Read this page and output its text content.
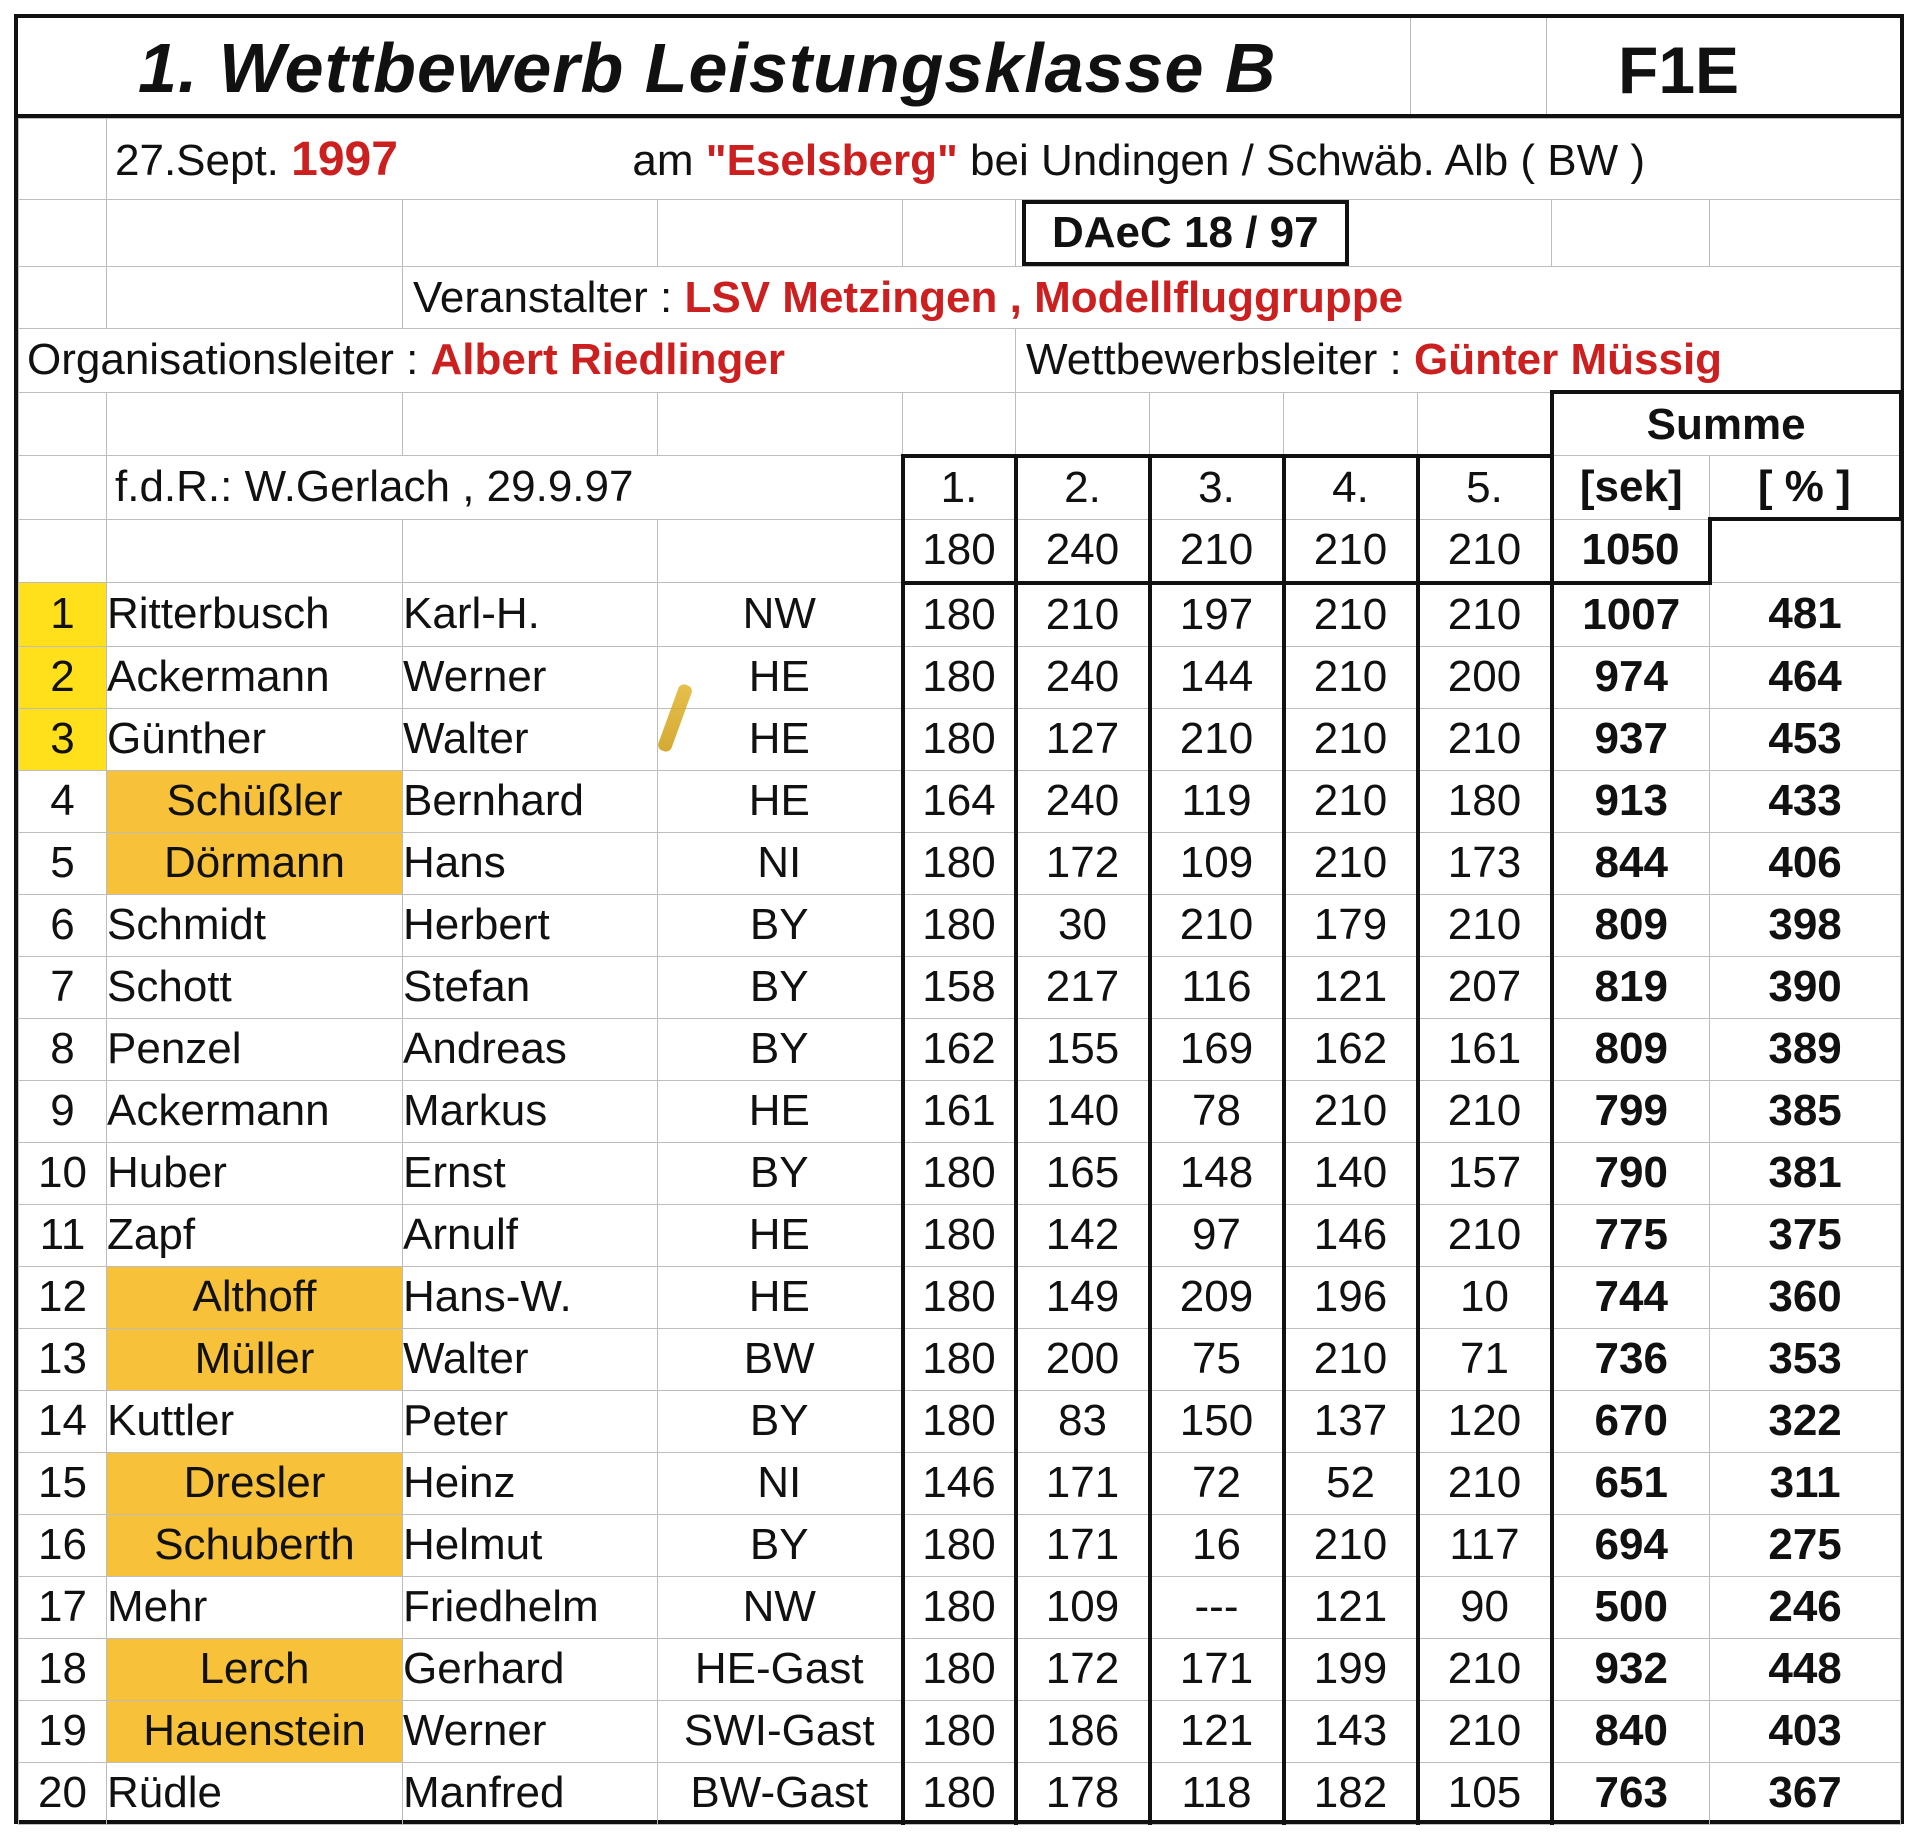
1. Wettbewerb Leistungsklasse B	F1E
	27.Sept. 1997 am "Eselsberg" bei Undingen / Schwäb. Alb ( BW )									
					DAeC 18 / 97					
		Veranstalter : LSV Metzingen , Modellfluggruppe								
Organisationsleiter : Albert Riedlinger					Wettbewerbsleiter : Günter Müssig					
									Summe	
	f.d.R.: W.Gerlach , 29.9.97			1.	2.	3.	4.	5.	[sek]	[ % ]
				180	240	210	210	210	1050	
1	Ritterbusch	Karl-H.	NW	180	210	197	210	210	1007	481
2	Ackermann	Werner	HE	180	240	144	210	200	974	464
3	Günther	Walter	HE	180	127	210	210	210	937	453
4	Schüßler	Bernhard	HE	164	240	119	210	180	913	433
5	Dörmann	Hans	NI	180	172	109	210	173	844	406
6	Schmidt	Herbert	BY	180	30	210	179	210	809	398
7	Schott	Stefan	BY	158	217	116	121	207	819	390
8	Penzel	Andreas	BY	162	155	169	162	161	809	389
9	Ackermann	Markus	HE	161	140	78	210	210	799	385
10	Huber	Ernst	BY	180	165	148	140	157	790	381
11	Zapf	Arnulf	HE	180	142	97	146	210	775	375
12	Althoff	Hans-W.	HE	180	149	209	196	10	744	360
13	Müller	Walter	BW	180	200	75	210	71	736	353
14	Kuttler	Peter	BY	180	83	150	137	120	670	322
15	Dresler	Heinz	NI	146	171	72	52	210	651	311
16	Schuberth	Helmut	BY	180	171	16	210	117	694	275
17	Mehr	Friedhelm	NW	180	109	---	121	90	500	246
18	Lerch	Gerhard	HE-Gast	180	172	171	199	210	932	448
19	Hauenstein	Werner	SWI-Gast	180	186	121	143	210	840	403
20	Rüdle	Manfred	BW-Gast	180	178	118	182	105	763	367
